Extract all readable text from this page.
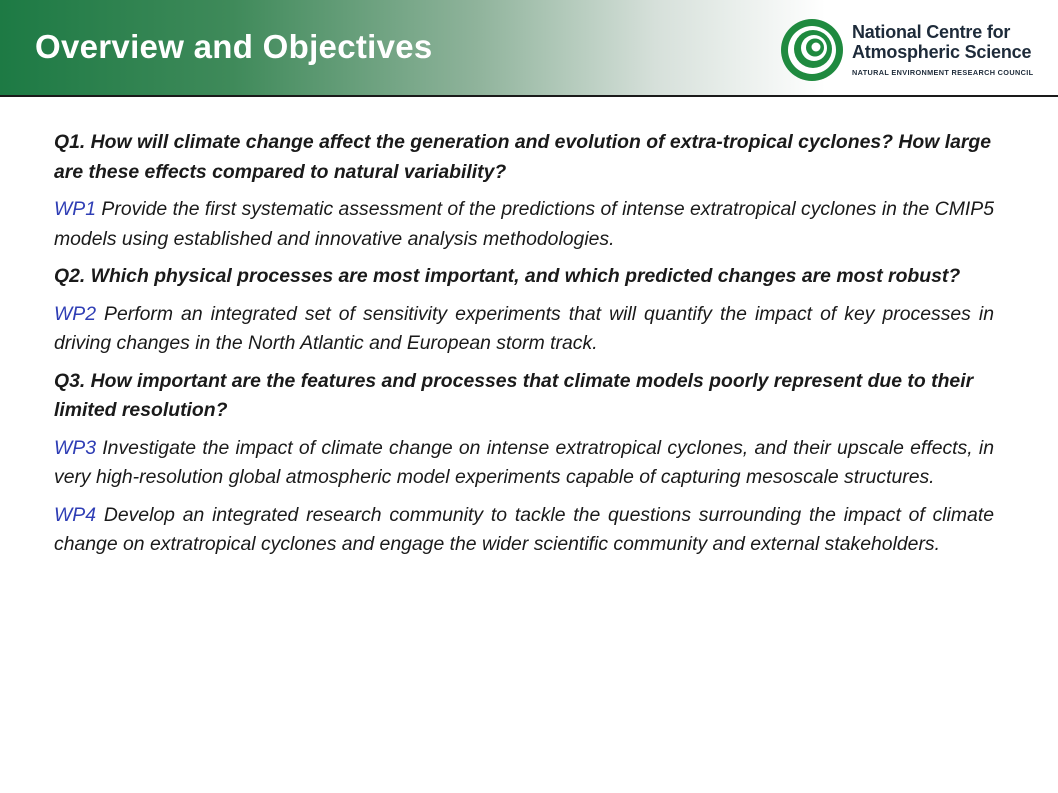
Overview and Objectives	National Centre for
Atmospheric Science
NATURAL ENVIRONMENT RESEARCH COUNCIL

Q1. How will climate change affect the generation and evolution of extra-tropical cyclones? How large are these effects compared to natural variability?

WP1 Provide the first systematic assessment of the predictions of intense extratropical cyclones in the CMIP5 models using established and innovative analysis methodologies.

Q2. Which physical processes are most important, and which predicted changes are most robust?

WP2 Perform an integrated set of sensitivity experiments that will quantify the impact of key processes in driving changes in the North Atlantic and European storm track.

Q3. How important are the features and processes that climate models poorly represent due to their limited resolution?

WP3 Investigate the impact of climate change on intense extratropical cyclones, and their upscale effects, in very high-resolution global atmospheric model experiments capable of capturing mesoscale structures.

WP4 Develop an integrated research community to tackle the questions surrounding the impact of climate change on extratropical cyclones and engage the wider scientific community and external stakeholders.
